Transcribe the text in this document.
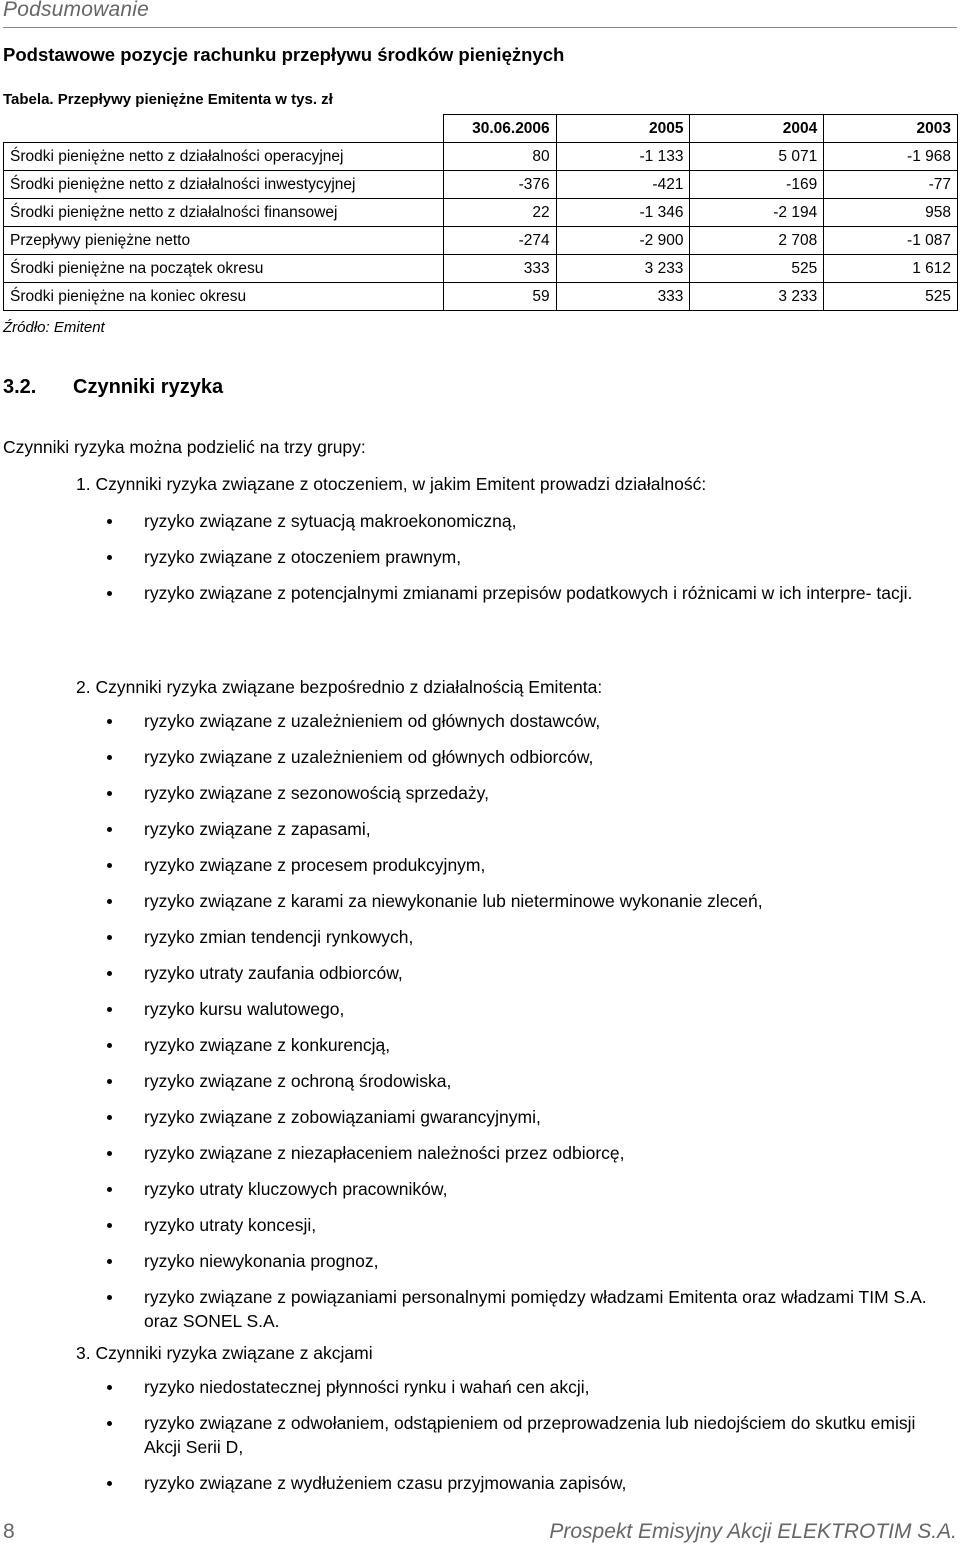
Podsumowanie
Podstawowe pozycje rachunku przepływu środków pieniężnych
Tabela. Przepływy pieniężne Emitenta w tys. zł
	30.06.2006	2005	2004	2003
Środki pieniężne netto z działalności operacyjnej	80	-1 133	5 071	-1 968
Środki pieniężne netto z działalności inwestycyjnej	-376	-421	-169	-77
Środki pieniężne netto z działalności finansowej	22	-1 346	-2 194	958
Przepływy pieniężne netto	-274	-2 900	2 708	-1 087
Środki pieniężne na początek okresu	333	3 233	525	1 612
Środki pieniężne na koniec okresu	59	333	3 233	525
Źródło: Emitent
3.2. Czynniki ryzyka
Czynniki ryzyka można podzielić na trzy grupy:
1. Czynniki ryzyka związane z otoczeniem, w jakim Emitent prowadzi działalność:
ryzyko związane z sytuacją makroekonomiczną,
ryzyko związane z otoczeniem prawnym,
ryzyko związane z potencjalnymi zmianami przepisów podatkowych i różnicami w ich interpre- tacji.
2. Czynniki ryzyka związane bezpośrednio z działalnością Emitenta:
ryzyko związane z uzależnieniem od głównych dostawców,
ryzyko związane z uzależnieniem od głównych odbiorców,
ryzyko związane z sezonowością sprzedaży,
ryzyko związane z zapasami,
ryzyko związane z procesem produkcyjnym,
ryzyko związane z karami za niewykonanie lub nieterminowe wykonanie zleceń,
ryzyko zmian tendencji rynkowych,
ryzyko utraty zaufania odbiorców,
ryzyko kursu walutowego,
ryzyko związane z konkurencją,
ryzyko związane z ochroną środowiska,
ryzyko związane z zobowiązaniami gwarancyjnymi,
ryzyko związane z niezapłaceniem należności przez odbiorcę,
ryzyko utraty kluczowych pracowników,
ryzyko utraty koncesji,
ryzyko niewykonania prognoz,
ryzyko związane z powiązaniami personalnymi pomiędzy władzami Emitenta oraz władzami TIM S.A. oraz SONEL S.A.
3. Czynniki ryzyka związane z akcjami
ryzyko niedostatecznej płynności rynku i wahań cen akcji,
ryzyko związane z odwołaniem, odstąpieniem od przeprowadzenia lub niedojściem do skutku emisji Akcji Serii D,
ryzyko związane z wydłużeniem czasu przyjmowania zapisów,
8	Prospekt Emisyjny Akcji ELEKTROTIM S.A.
